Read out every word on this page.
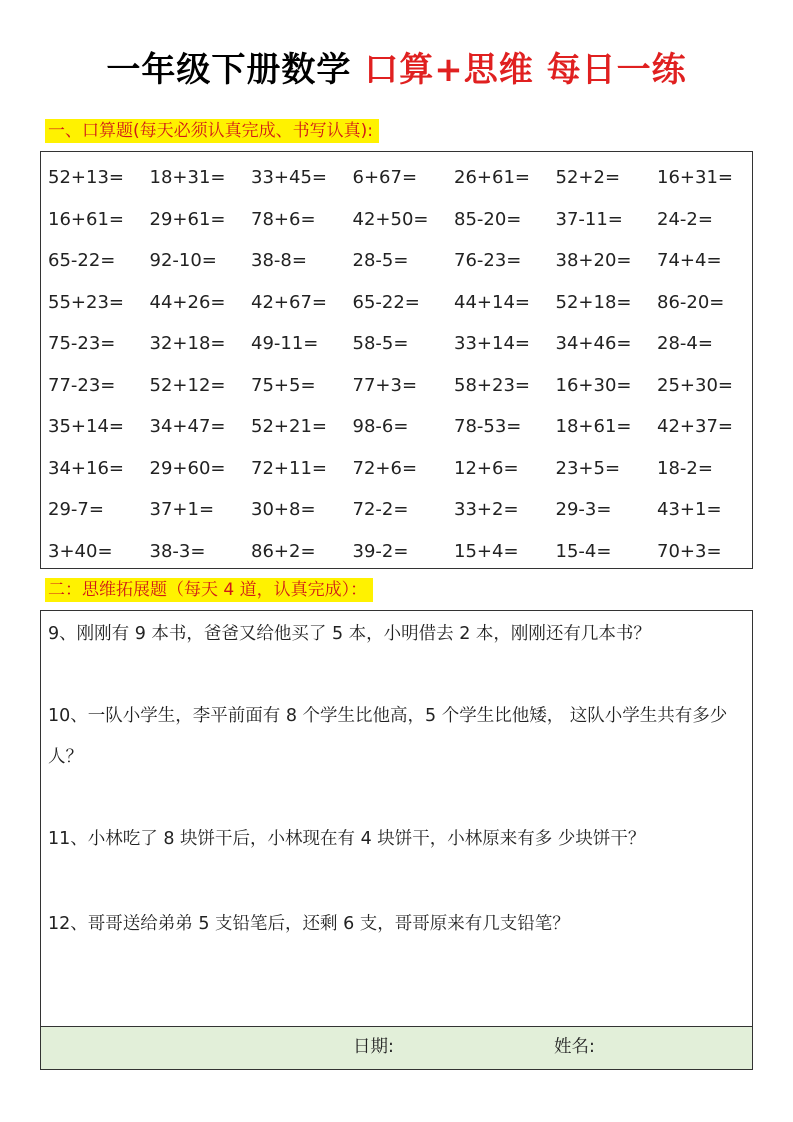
一年级下册数学 口算+思维 每日一练
一、口算题(每天必须认真完成、书写认真):
52+13=	18+31=	33+45=	6+67=	26+61=	52+2=	16+31=
16+61=	29+61=	78+6=	42+50=	85-20=	37-11=	24-2=
65-22=	92-10=	38-8=	28-5=	76-23=	38+20=	74+4=
55+23=	44+26=	42+67=	65-22=	44+14=	52+18=	86-20=
75-23=	32+18=	49-11=	58-5=	33+14=	34+46=	28-4=
77-23=	52+12=	75+5=	77+3=	58+23=	16+30=	25+30=
35+14=	34+47=	52+21=	98-6=	78-53=	18+61=	42+37=
34+16=	29+60=	72+11=	72+6=	12+6=	23+5=	18-2=
29-7=	37+1=	30+8=	72-2=	33+2=	29-3=	43+1=
3+40=	38-3=	86+2=	39-2=	15+4=	15-4=	70+3=
二：思维拓展题（每天 4 道，认真完成）：
9、刚刚有 9 本书，爸爸又给他买了 5 本，小明借去 2 本，刚刚还有几本书？
10、一队小学生，李平前面有 8 个学生比他高，5 个学生比他矮， 这队小学生共有多少人？
11、小林吃了 8 块饼干后，小林现在有 4 块饼干，小林原来有多 少块饼干？
12、哥哥送给弟弟 5 支铅笔后，还剩 6 支，哥哥原来有几支铅笔？
日期:	姓名:
